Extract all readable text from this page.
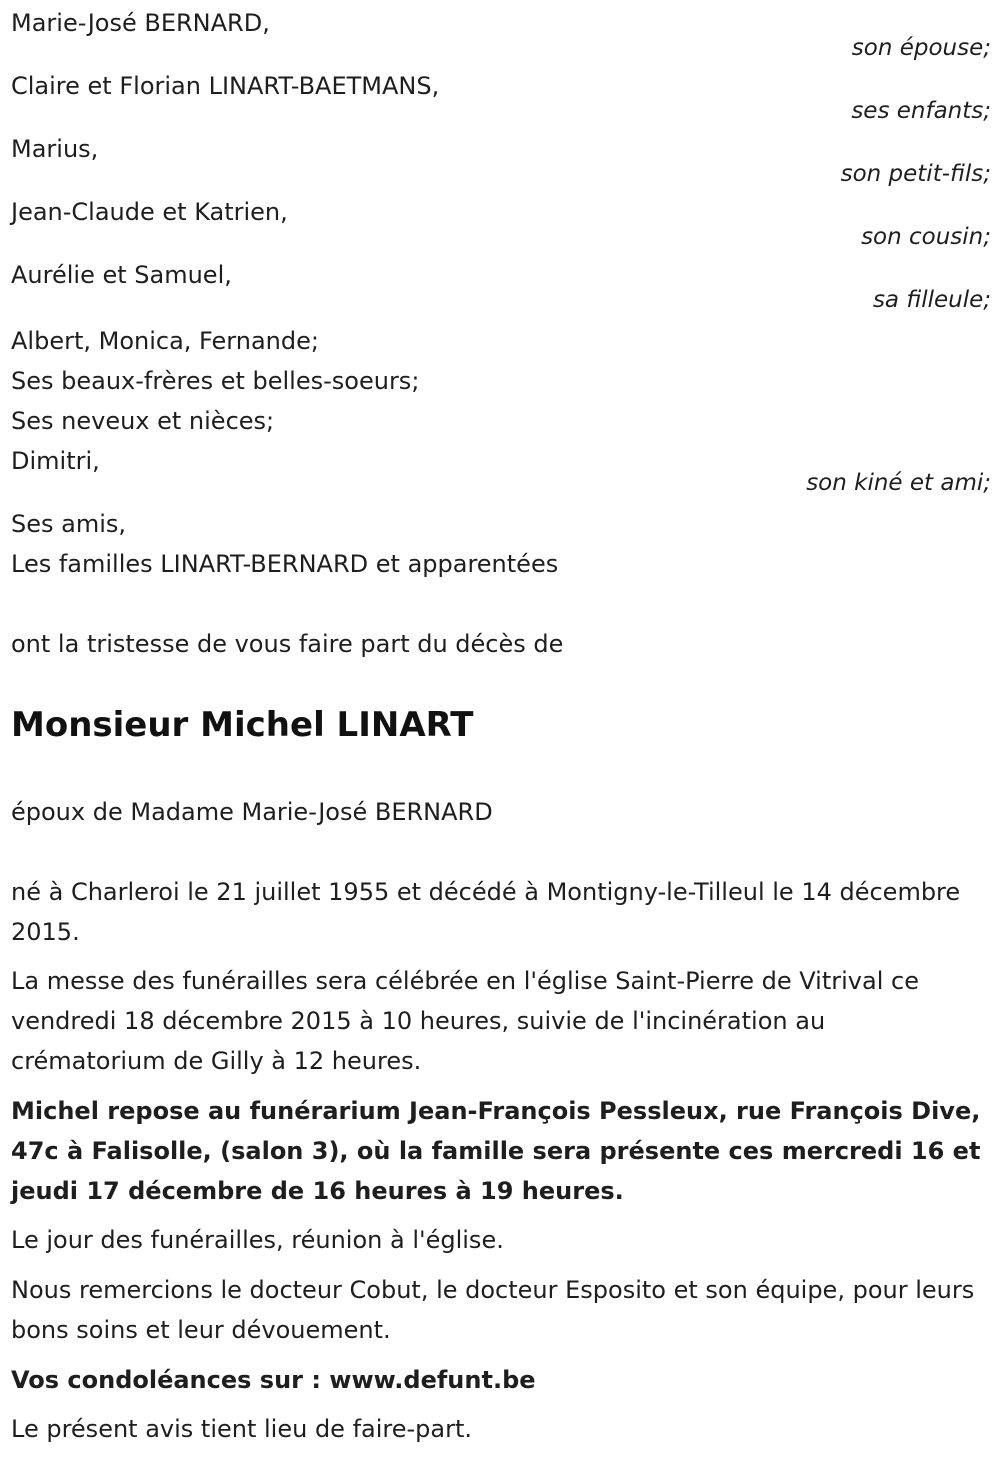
Marie-José BERNARD,
son épouse;
Claire et Florian LINART-BAETMANS,
ses enfants;
Marius,
son petit-fils;
Jean-Claude et Katrien,
son cousin;
Aurélie et Samuel,
sa filleule;
Albert, Monica, Fernande;
Ses beaux-frères et belles-soeurs;
Ses neveux et nièces;
Dimitri,
son kiné et ami;
Ses amis,
Les familles LINART-BERNARD et apparentées
ont la tristesse de vous faire part du décès de
Monsieur Michel LINART
époux de Madame Marie-José BERNARD

né à Charleroi le 21 juillet 1955 et décédé à Montigny-le-Tilleul le 14 décembre 2015.

La messe des funérailles sera célébrée en l'église Saint-Pierre de Vitrival ce vendredi 18 décembre 2015 à 10 heures, suivie de l'incinération au crématorium de Gilly à 12 heures.

Michel repose au funérarium Jean-François Pessleux, rue François Dive, 47c à Falisolle, (salon 3), où la famille sera présente ces mercredi 16 et jeudi 17 décembre de 16 heures à 19 heures.

Le jour des funérailles, réunion à l'église.

Nous remercions le docteur Cobut, le docteur Esposito et son équipe, pour leurs bons soins et leur dévouement.

Vos condoléances sur : www.defunt.be

Le présent avis tient lieu de faire-part.
